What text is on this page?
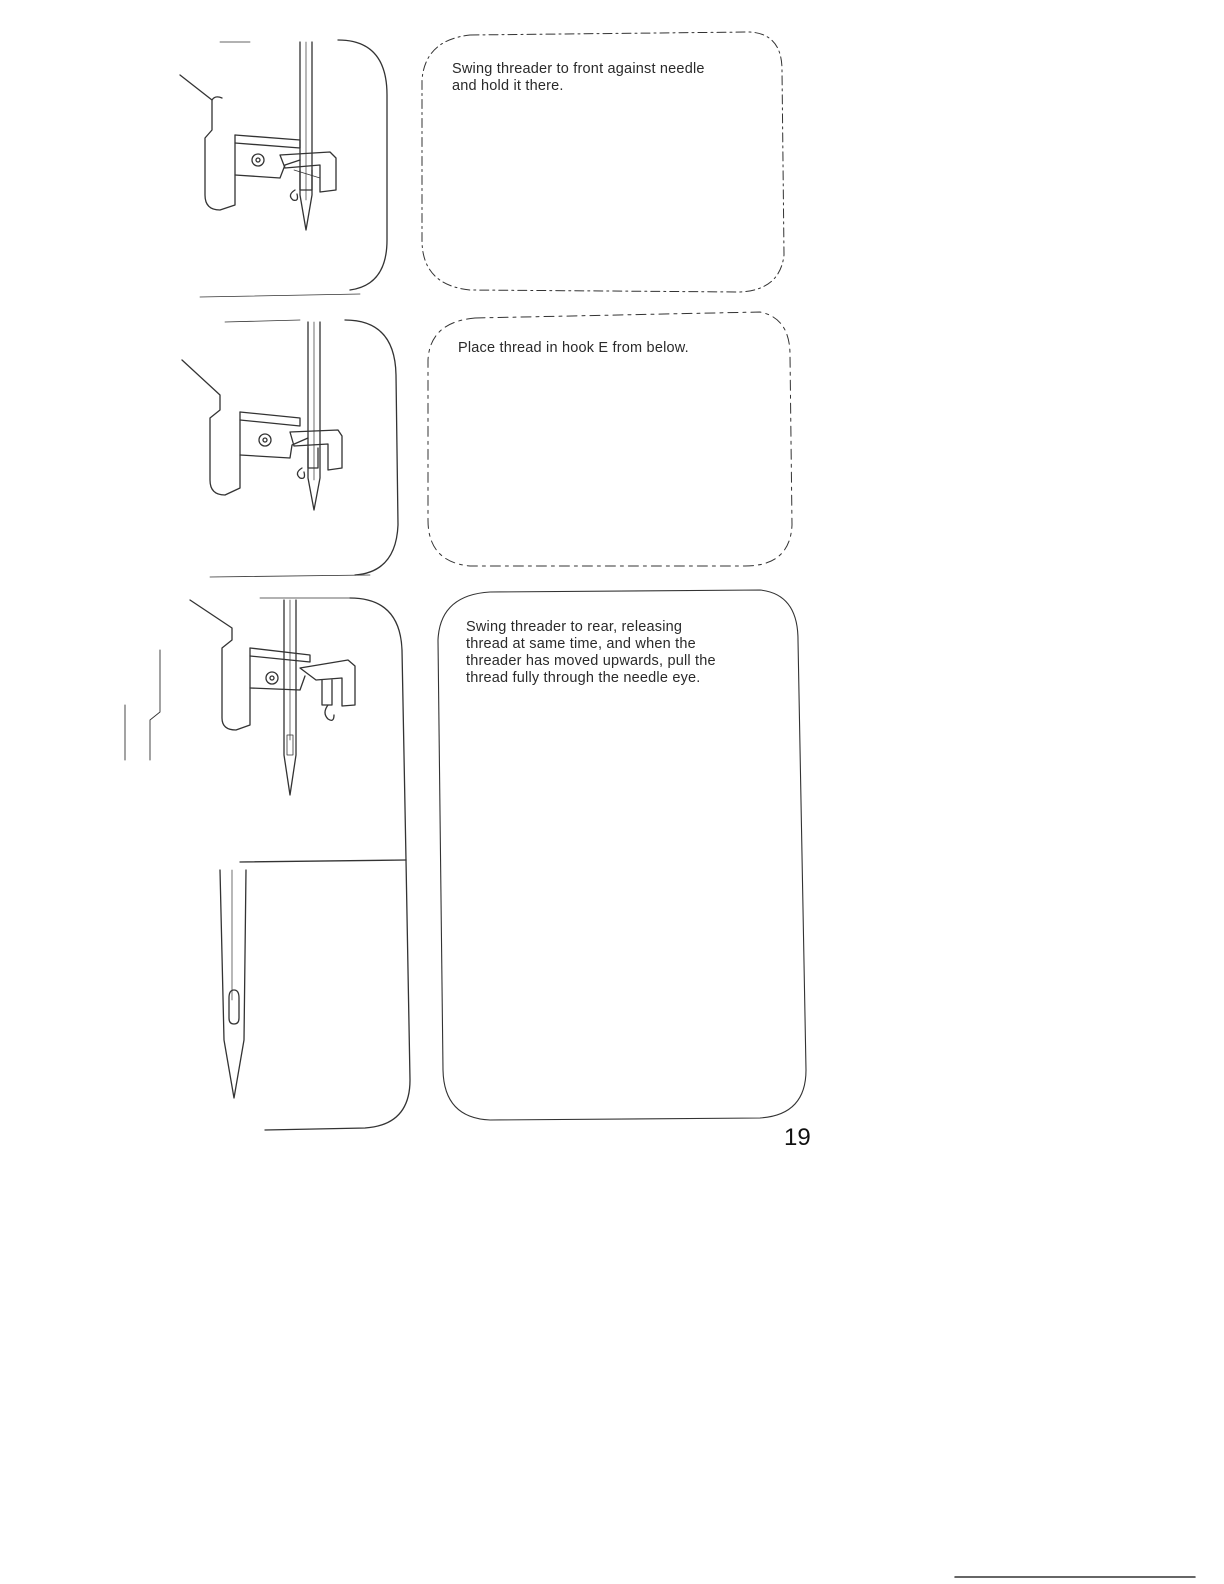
Swing threader to front against needle
and hold it there.

Place thread in hook E from below.

Swing threader to rear, releasing
thread at same time, and when the
threader has moved upwards, pull the
thread fully through the needle eye.

19
